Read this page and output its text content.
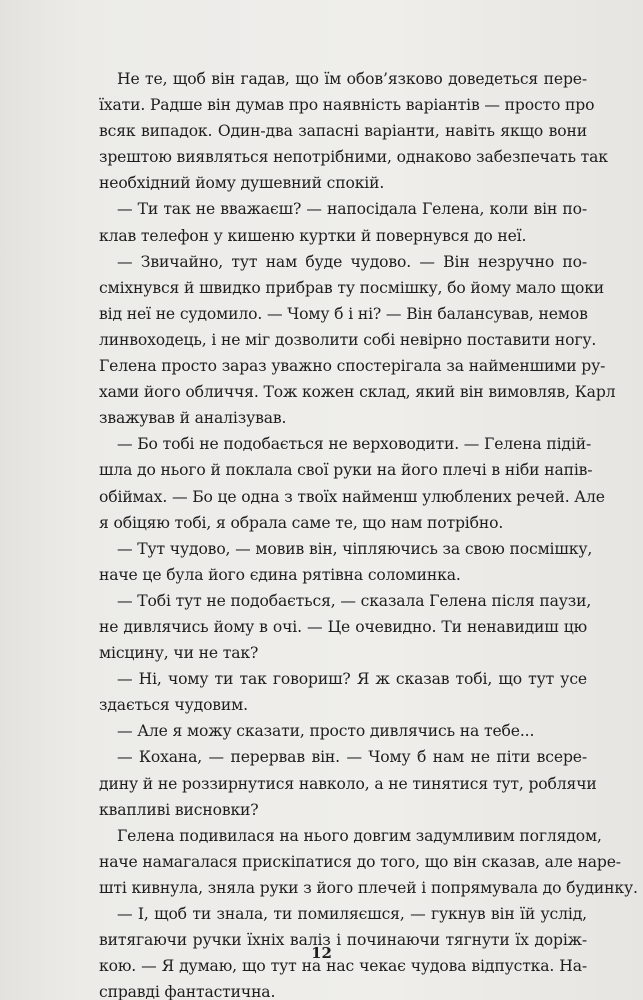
Не те, щоб він гадав, що їм обов’язково доведеться пере-
їхати. Радше він думав про наявність варіантів — просто про
всяк випадок. Один-два запасні варіанти, навіть якщо вони
зрештою виявляться непотрібними, однаково забезпечать так
необхідний йому душевний спокій.
— Ти так не вважаєш? — напосідала Гелена, коли він по-
клав телефон у кишеню куртки й повернувся до неї.
— Звичайно, тут нам буде чудово. — Він незручно по-
сміхнувся й швидко прибрав ту посмішку, бо йому мало щоки
від неї не судомило. — Чому б і ні? — Він балансував, немов
линвоходець, і не міг дозволити собі невірно поставити ногу.
Гелена просто зараз уважно спостерігала за найменшими ру-
хами його обличчя. Тож кожен склад, який він вимовляв, Карл
зважував й аналізував.
— Бо тобі не подобається не верховодити. — Гелена підій-
шла до нього й поклала свої руки на його плечі в ніби напів-
обіймах. — Бо це одна з твоїх найменш улюблених речей. Але
я обіцяю тобі, я обрала саме те, що нам потрібно.
— Тут чудово, — мовив він, чіпляючись за свою посмішку,
наче це була його єдина рятівна соломинка.
— Тобі тут не подобається, — сказала Гелена після паузи,
не дивлячись йому в очі. — Це очевидно. Ти ненавидиш цю
місцину, чи не так?
— Ні, чому ти так говориш? Я ж сказав тобі, що тут усе
здається чудовим.
— Але я можу сказати, просто дивлячись на тебе...
— Кохана, — перервав він. — Чому б нам не піти всере-
дину й не роззирнутися навколо, а не тинятися тут, роблячи
квапливі висновки?
Гелена подивилася на нього довгим задумливим поглядом,
наче намагалася прискіпатися до того, що він сказав, але наре-
шті кивнула, зняла руки з його плечей і попрямувала до будинку.
— І, щоб ти знала, ти помиляєшся, — гукнув він їй услід,
витягаючи ручки їхніх валіз і починаючи тягнути їх доріж-
кою. — Я думаю, що тут на нас чекає чудова відпустка. На-
справді фантастична.
12
